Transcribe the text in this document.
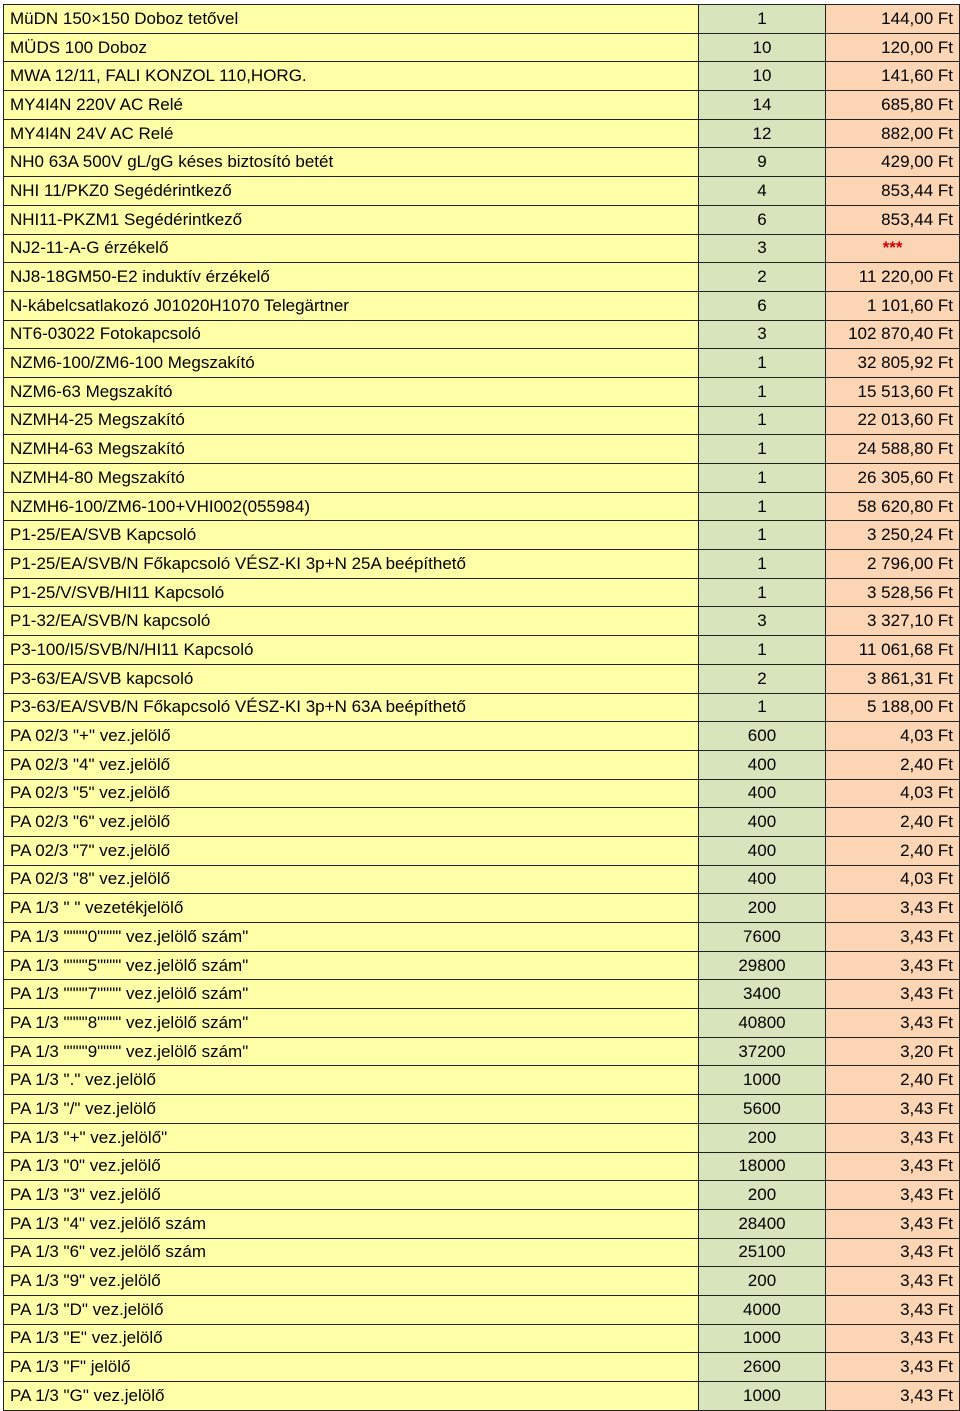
MüDN 150×150 Doboz tetővel	1	144,00 Ft
MÜDS 100 Doboz	10	120,00 Ft
MWA 12/11, FALI KONZOL 110,HORG.	10	141,60 Ft
MY4I4N 220V AC Relé	14	685,80 Ft
MY4I4N 24V AC Relé	12	882,00 Ft
NH0 63A 500V gL/gG késes biztosító betét	9	429,00 Ft
NHI 11/PKZ0 Segédérintkező	4	853,44 Ft
NHI11-PKZM1 Segédérintkező	6	853,44 Ft
NJ2-11-A-G érzékelő	3	***
NJ8-18GM50-E2 induktív érzékelő	2	11 220,00 Ft
N-kábelcsatlakozó J01020H1070 Telegärtner	6	1 101,60 Ft
NT6-03022 Fotokapcsoló	3	102 870,40 Ft
NZM6-100/ZM6-100 Megszakító	1	32 805,92 Ft
NZM6-63 Megszakító	1	15 513,60 Ft
NZMH4-25 Megszakító	1	22 013,60 Ft
NZMH4-63 Megszakító	1	24 588,80 Ft
NZMH4-80 Megszakító	1	26 305,60 Ft
NZMH6-100/ZM6-100+VHI002(055984)	1	58 620,80 Ft
P1-25/EA/SVB Kapcsoló	1	3 250,24 Ft
P1-25/EA/SVB/N Főkapcsoló VÉSZ-KI 3p+N 25A beépíthető	1	2 796,00 Ft
P1-25/V/SVB/HI11 Kapcsoló	1	3 528,56 Ft
P1-32/EA/SVB/N kapcsoló	3	3 327,10 Ft
P3-100/I5/SVB/N/HI11 Kapcsoló	1	11 061,68 Ft
P3-63/EA/SVB kapcsoló	2	3 861,31 Ft
P3-63/EA/SVB/N Főkapcsoló VÉSZ-KI 3p+N 63A beépíthető	1	5 188,00 Ft
PA 02/3 "+" vez.jelölő	600	4,03 Ft
PA 02/3 "4" vez.jelölő	400	2,40 Ft
PA 02/3 "5" vez.jelölő	400	4,03 Ft
PA 02/3 "6" vez.jelölő	400	2,40 Ft
PA 02/3 "7" vez.jelölő	400	2,40 Ft
PA 02/3 "8" vez.jelölő	400	4,03 Ft
PA 1/3 " " vezetékjelölő	200	3,43 Ft
PA 1/3 """"0"""" vez.jelölő szám"	7600	3,43 Ft
PA 1/3 """"5"""" vez.jelölő szám"	29800	3,43 Ft
PA 1/3 """"7"""" vez.jelölő szám"	3400	3,43 Ft
PA 1/3 """"8"""" vez.jelölő szám"	40800	3,43 Ft
PA 1/3 """"9"""" vez.jelölő szám"	37200	3,20 Ft
PA 1/3 "." vez.jelölő	1000	2,40 Ft
PA 1/3 "/" vez.jelölő	5600	3,43 Ft
PA 1/3 "+" vez.jelölő"	200	3,43 Ft
PA 1/3 "0" vez.jelölő	18000	3,43 Ft
PA 1/3 "3" vez.jelölő	200	3,43 Ft
PA 1/3 "4" vez.jelölő szám	28400	3,43 Ft
PA 1/3 "6" vez.jelölő szám	25100	3,43 Ft
PA 1/3 "9" vez.jelölő	200	3,43 Ft
PA 1/3 "D" vez.jelölő	4000	3,43 Ft
PA 1/3 "E" vez.jelölő	1000	3,43 Ft
PA 1/3 "F" jelölő	2600	3,43 Ft
PA 1/3 "G" vez.jelölő	1000	3,43 Ft
